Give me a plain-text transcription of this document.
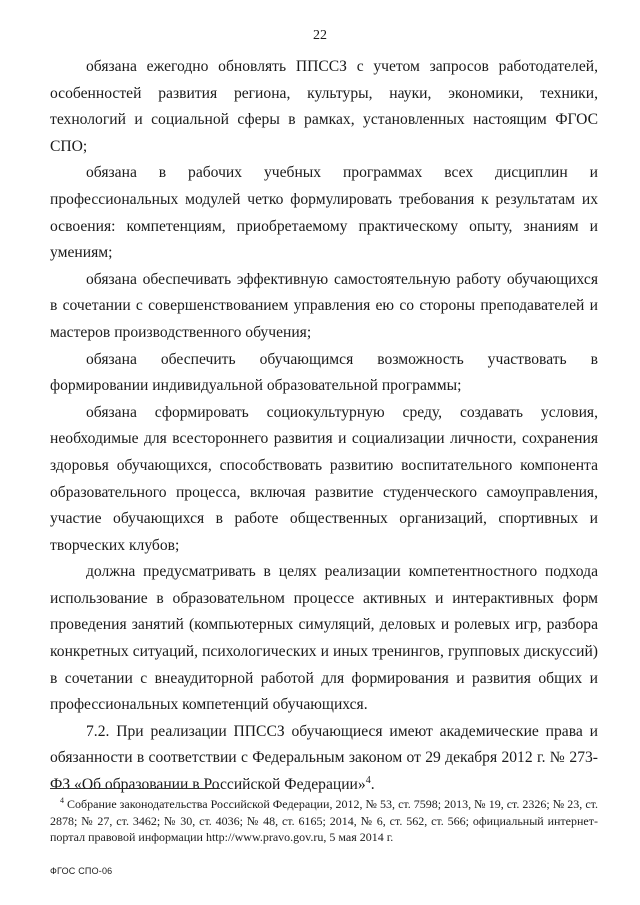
22

обязана ежегодно обновлять ППССЗ с учетом запросов работодателей, особенностей развития региона, культуры, науки, экономики, техники, технологий и социальной сферы в рамках, установленных настоящим ФГОС СПО;

обязана в рабочих учебных программах всех дисциплин и профессиональных модулей четко формулировать требования к результатам их освоения: компетенциям, приобретаемому практическому опыту, знаниям и умениям;

обязана обеспечивать эффективную самостоятельную работу обучающихся в сочетании с совершенствованием управления ею со стороны преподавателей и мастеров производственного обучения;

обязана обеспечить обучающимся возможность участвовать в формировании индивидуальной образовательной программы;

обязана сформировать социокультурную среду, создавать условия, необходимые для всестороннего развития и социализации личности, сохранения здоровья обучающихся, способствовать развитию воспитательного компонента образовательного процесса, включая развитие студенческого самоуправления, участие обучающихся в работе общественных организаций, спортивных и творческих клубов;

должна предусматривать в целях реализации компетентностного подхода использование в образовательном процессе активных и интерактивных форм проведения занятий (компьютерных симуляций, деловых и ролевых игр, разбора конкретных ситуаций, психологических и иных тренингов, групповых дискуссий) в сочетании с внеаудиторной работой для формирования и развития общих и профессиональных компетенций обучающихся.

7.2. При реализации ППССЗ обучающиеся имеют академические права и обязанности в соответствии с Федеральным законом от 29 декабря 2012 г. № 273-ФЗ «Об образовании в Российской Федерации»$^4$.

$^4$ Собрание законодательства Российской Федерации, 2012, № 53, ст. 7598; 2013, № 19, ст. 2326; № 23, ст. 2878; № 27, ст. 3462; № 30, ст. 4036; № 48, ст. 6165; 2014, № 6, ст. 562, ст. 566; официальный интернет-портал правовой информации http://www.pravo.gov.ru, 5 мая 2014 г.
ФГОС СПО-06
